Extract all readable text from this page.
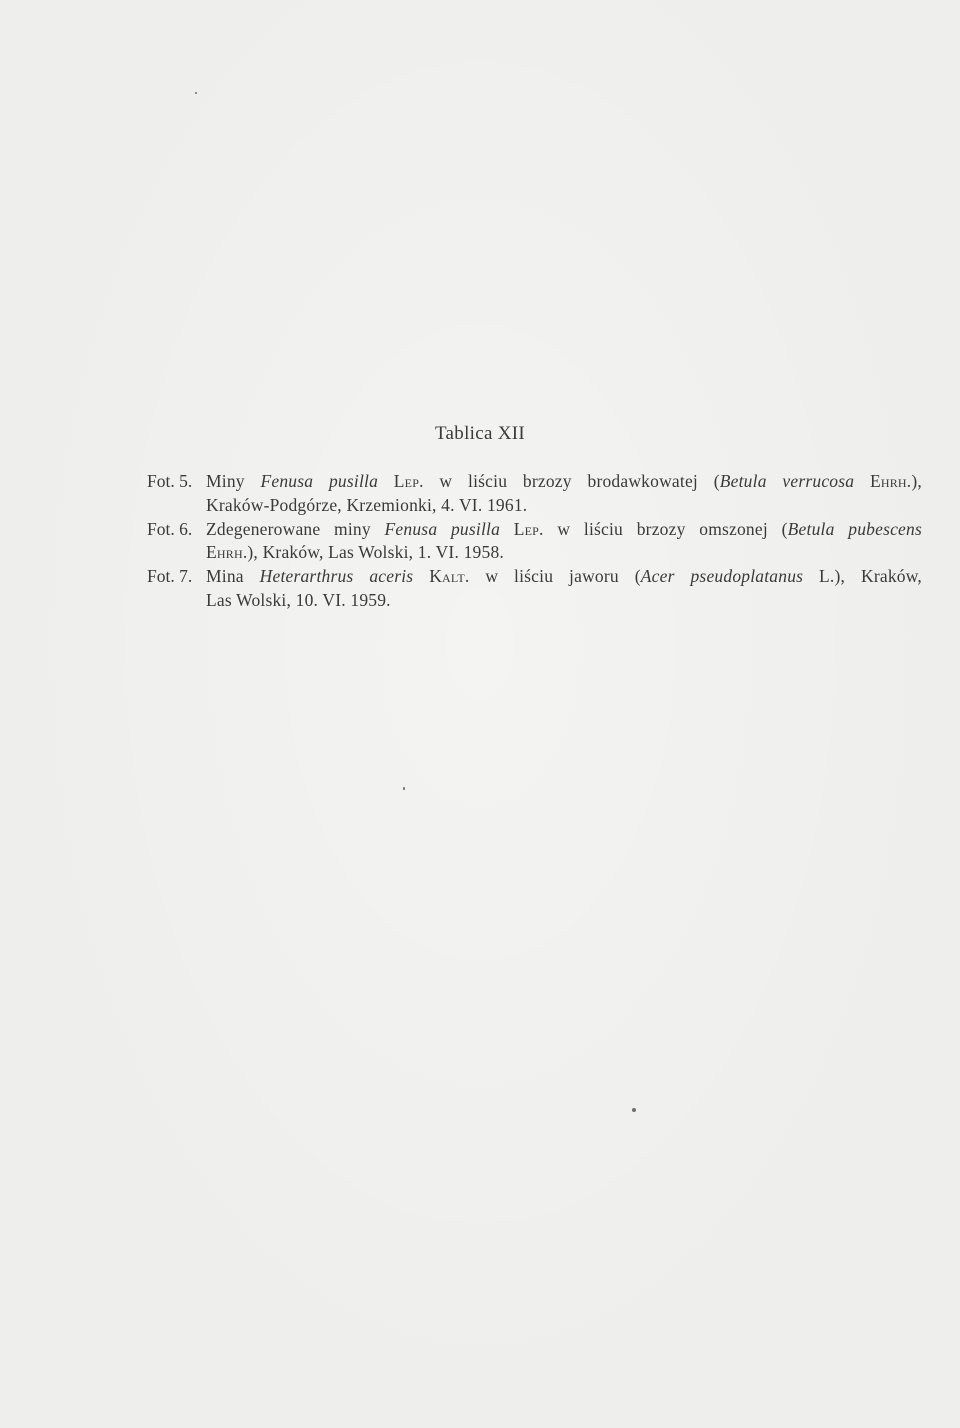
Tablica XII
Fot. 5. Miny Fenusa pusilla Lep. w liściu brzozy brodawkowatej (Betula verrucosa Ehrh.),
Kraków-Podgórze, Krzemionki, 4. VI. 1961.
Fot. 6. Zdegenerowane miny Fenusa pusilla Lep. w liściu brzozy omszonej (Betula pubescens
Ehrh.), Kraków, Las Wolski, 1. VI. 1958.
Fot. 7. Mina Heterarthrus aceris Kalt. w liściu jaworu (Acer pseudoplatanus L.), Kraków,
Las Wolski, 10. VI. 1959.
